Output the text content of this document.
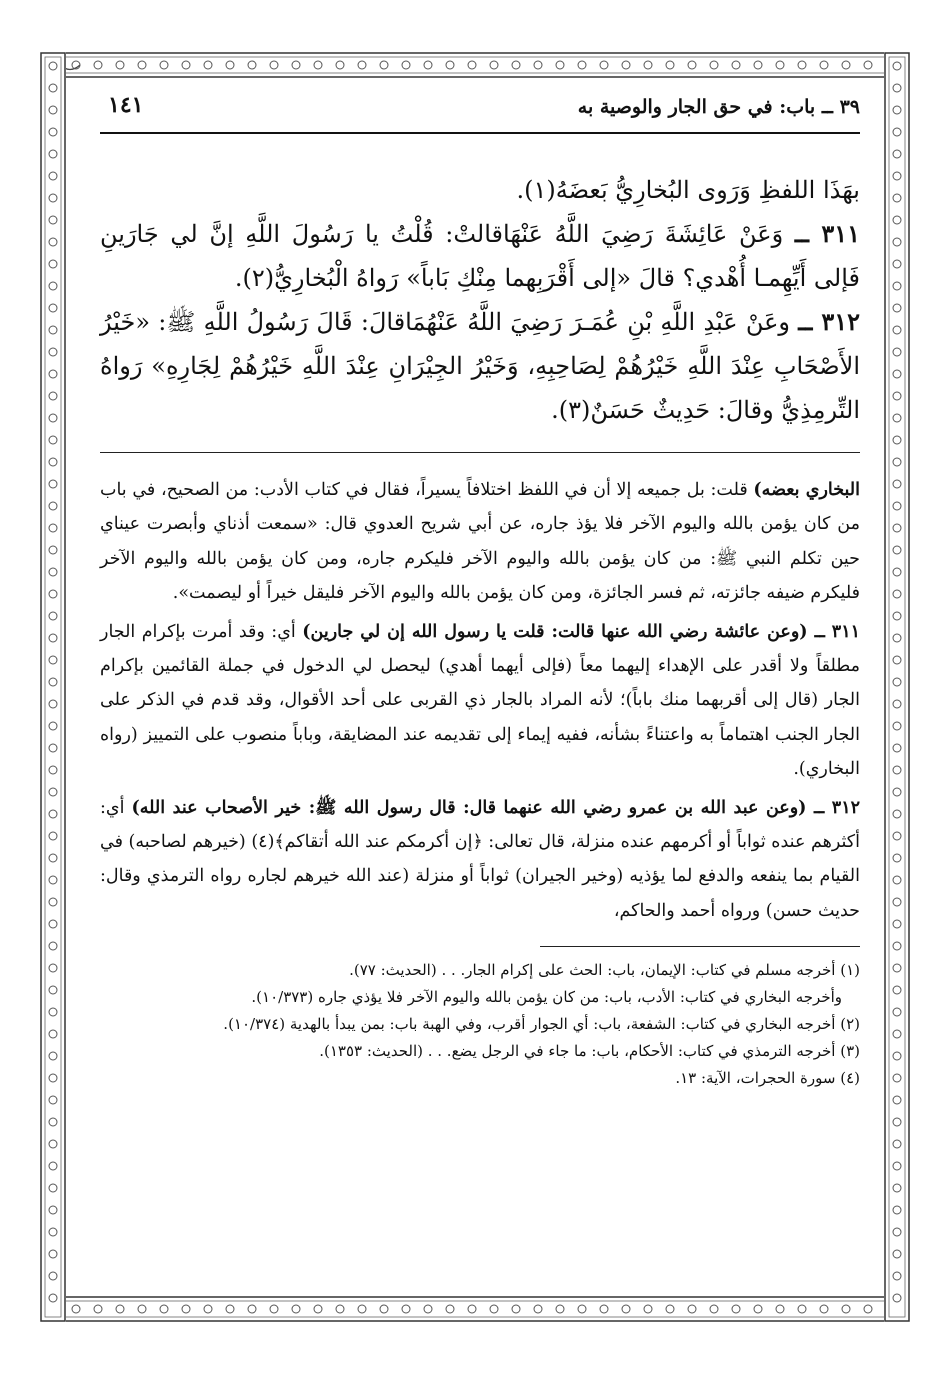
٣٩ ــ باب: في حق الجار والوصية به
١٤١

بهَذَا اللفظِ وَرَوى البُخارِيُّ بَعضَهُ(١).

٣١١ ــ وَعَنْ عَائِشَةَ رَضِيَ اللَّهُ عَنْهَاقالتْ: قُلْتُ يا رَسُولَ اللَّهِ إنَّ لي جَارَينِ فَإلى أَيِّهِمـا أُهْدي؟ قالَ «إلى أَقْرَبِهما مِنْكِ بَاباً» رَواهُ الْبُخارِيُّ(٢).

٣١٢ ــ وعَنْ عَبْدِ اللَّهِ بْنِ عُمَـرَ رَضِيَ اللَّهُ عَنْهُمَاقالَ: قَالَ رَسُولُ اللَّهِ ﷺ: «خَيْرُ الأَصْحَابِ عِنْدَ اللَّهِ خَيْرُهُمْ لِصَاحِبِهِ، وَخَيْرُ الجِيْرَانِ عِنْدَ اللَّهِ خَيْرُهُمْ لِجَارِهِ» رَواهُ التِّرمِذِيُّ وقالَ: حَدِيثٌ حَسَنٌ(٣).

البخاري بعضه) قلت: بل جميعه إلا أن في اللفظ اختلافاً يسيراً، فقال في كتاب الأدب: من الصحيح، في باب من كان يؤمن بالله واليوم الآخر فلا يؤذ جاره، عن أبي شريح العدوي قال: «سمعت أذناي وأبصرت عيناي حين تكلم النبي ﷺ: من كان يؤمن بالله واليوم الآخر فليكرم جاره، ومن كان يؤمن بالله واليوم الآخر فليكرم ضيفه جائزته، ثم فسر الجائزة، ومن كان يؤمن بالله واليوم الآخر فليقل خيراً أو ليصمت».

٣١١ ــ (وعن عائشة رضي الله عنها قالت: قلت يا رسول الله إن لي جارين) أي: وقد أمرت بإكرام الجار مطلقاً ولا أقدر على الإهداء إليهما معاً (فإلى أيهما أهدي) ليحصل لي الدخول في جملة القائمين بإكرام الجار (قال إلى أقربهما منك باباً)؛ لأنه المراد بالجار ذي القربى على أحد الأقوال، وقد قدم في الذكر على الجار الجنب اهتماماً به واعتناءً بشأنه، ففيه إيماء إلى تقديمه عند المضايقة، وباباً منصوب على التمييز (رواه البخاري).

٣١٢ ــ (وعن عبد الله بن عمرو رضي الله عنهما قال: قال رسول الله ﷺ: خير الأصحاب عند الله) أي: أكثرهم عنده ثواباً أو أكرمهم عنده منزلة، قال تعالى: ﴿إن أكرمكم عند الله أتقاكم﴾(٤) (خيرهم لصاحبه) في القيام بما ينفعه والدفع لما يؤذيه (وخير الجيران) ثواباً أو منزلة (عند الله خيرهم لجاره رواه الترمذي وقال: حديث حسن) ورواه أحمد والحاكم،

(١) أخرجه مسلم في كتاب: الإيمان، باب: الحث على إكرام الجار. . . (الحديث: ٧٧).

وأخرجه البخاري في كتاب: الأدب، باب: من كان يؤمن بالله واليوم الآخر فلا يؤذي جاره (١٠/٣٧٣).

(٢) أخرجه البخاري في كتاب: الشفعة، باب: أي الجوار أقرب، وفي الهبة باب: بمن يبدأ بالهدية (١٠/٣٧٤).

(٣) أخرجه الترمذي في كتاب: الأحكام، باب: ما جاء في الرجل يضع. . . (الحديث: ١٣٥٣).

(٤) سورة الحجرات، الآية: ١٣.
